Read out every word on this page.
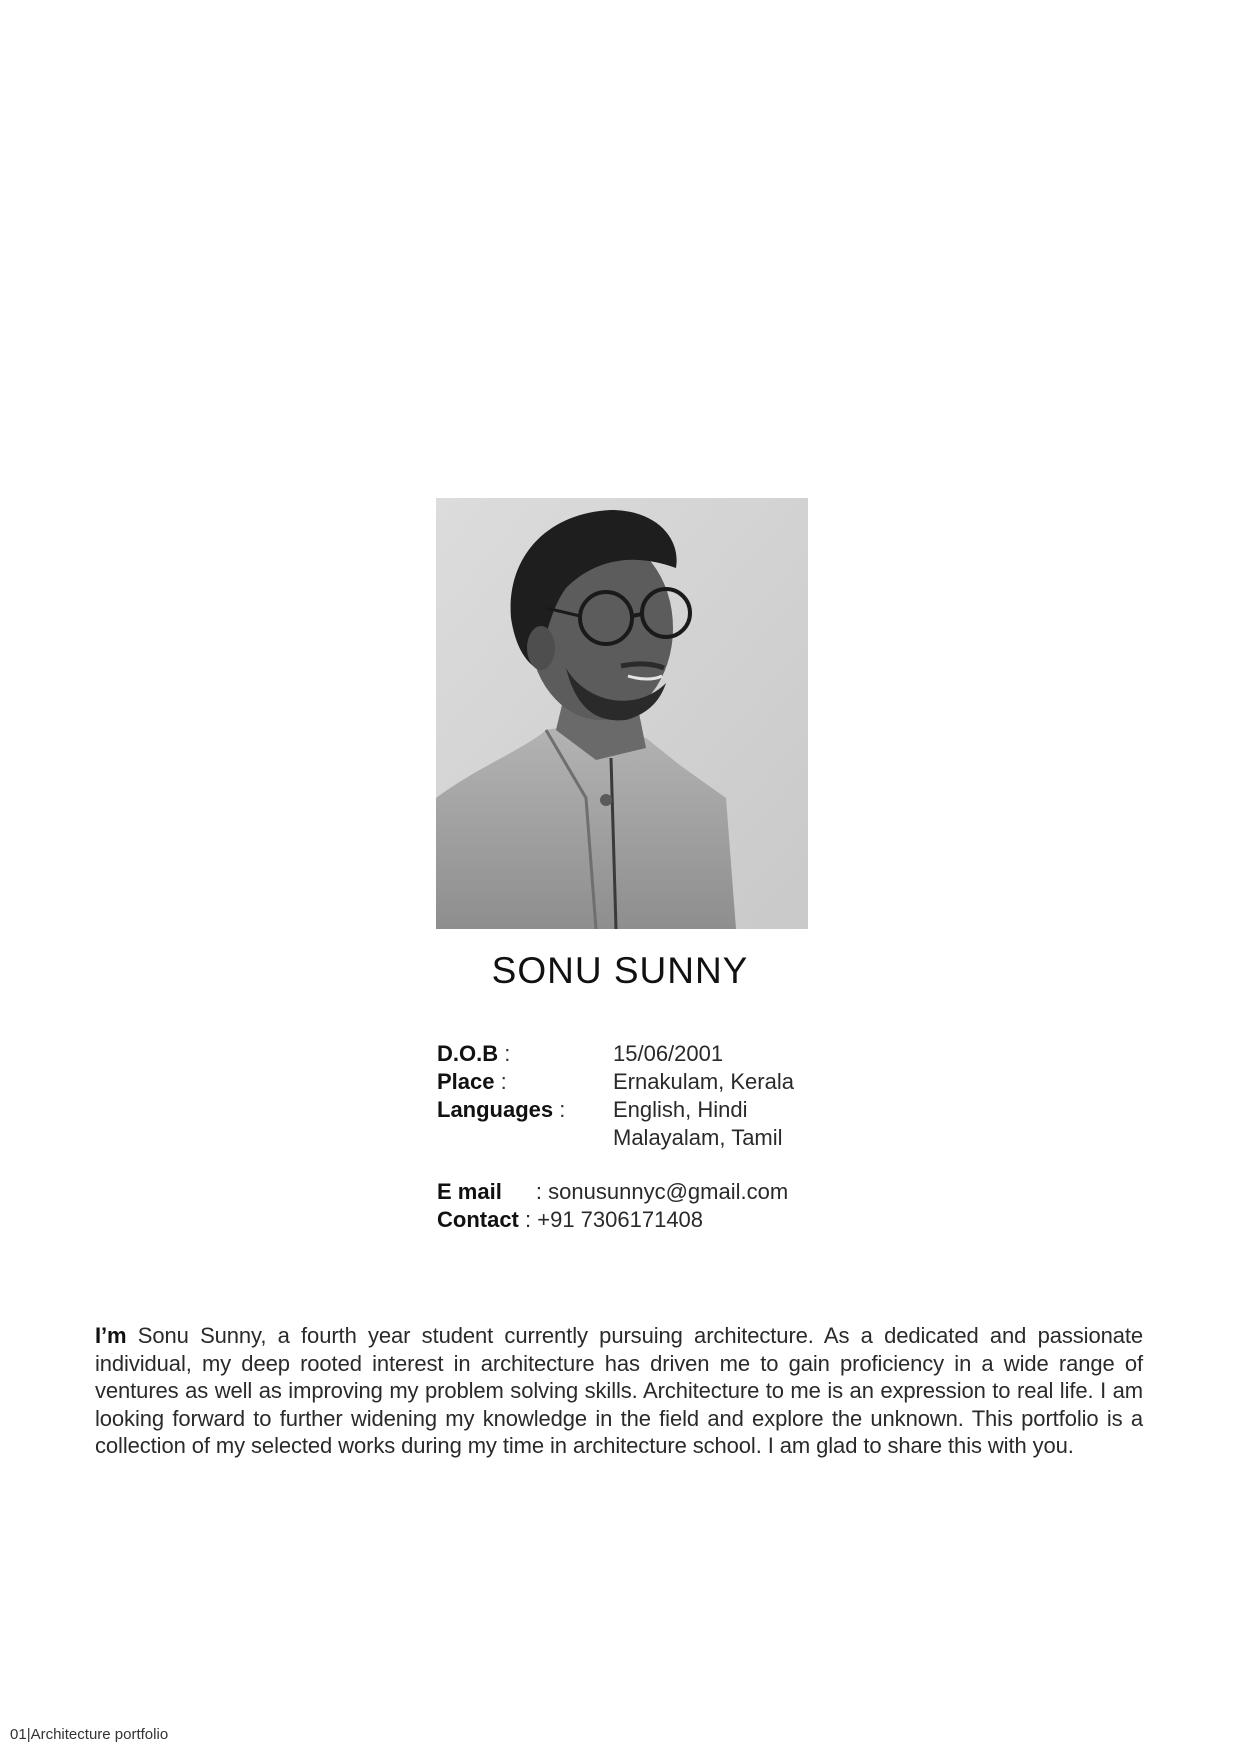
SONU SUNNY
D.O.B :	15/06/2001
Place :	Ernakulam, Kerala
Languages :	English, Hindi
Malayalam, Tamil
E mail : sonusunnyc@gmail.com
Contact : +91 7306171408

I’m Sonu Sunny, a fourth year student currently pursuing architecture. As a dedicated and passionate individual, my deep rooted interest in architecture has driven me to gain proficiency in a wide range of ventures as well as improving my problem solving skills. Architecture to me is an expression to real life. I am looking forward to further widening my knowledge in the field and explore the unknown. This portfolio is a collection of my selected works during my time in architecture school. I am glad to share this with you.

01|Architecture portfolio
